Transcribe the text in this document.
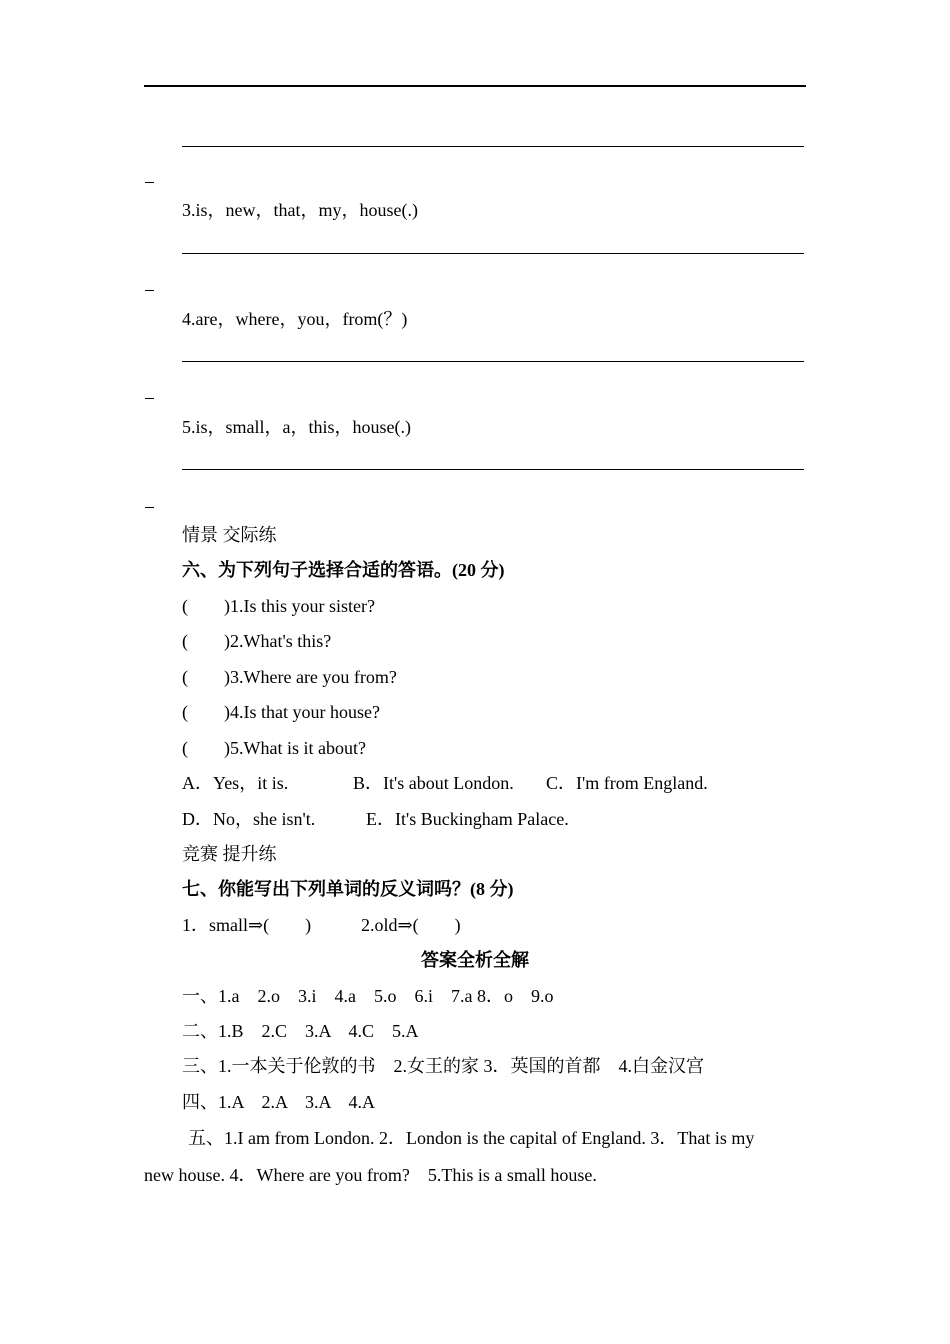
3.is，new，that，my，house(.)
4.are，where，you，from(？)
5.is，small，a，this，house(.)
情景 交际练
六、为下列句子选择合适的答语。(20 分)
(　　)1.Is this your sister?
(　　)2.What's this?
(　　)3.Where are you from?
(　　)4.Is that your house?
(　　)5.What is it about?
A．Yes，it is.	B．It's about London. C．I'm from England.
D．No，she isn't.	E．It's Buckingham Palace.
竞赛 提升练
七、你能写出下列单词的反义词吗？(8 分)
1．small⇒(　　)	2.old⇒(　　)
答案全析全解
一、1.a　2.o　3.i　4.a　5.o　6.i　7.a 8．o　9.o
二、1.B　2.C　3.A　4.C　5.A
三、1.一本关于伦敦的书　2.女王的家 3．英国的首都　4.白金汉宫
四、1.A　2.A　3.A　4.A
五、1.I am from London. 2．London is the capital of England. 3．That is my
new house. 4．Where are you from?　5.This is a small house.
